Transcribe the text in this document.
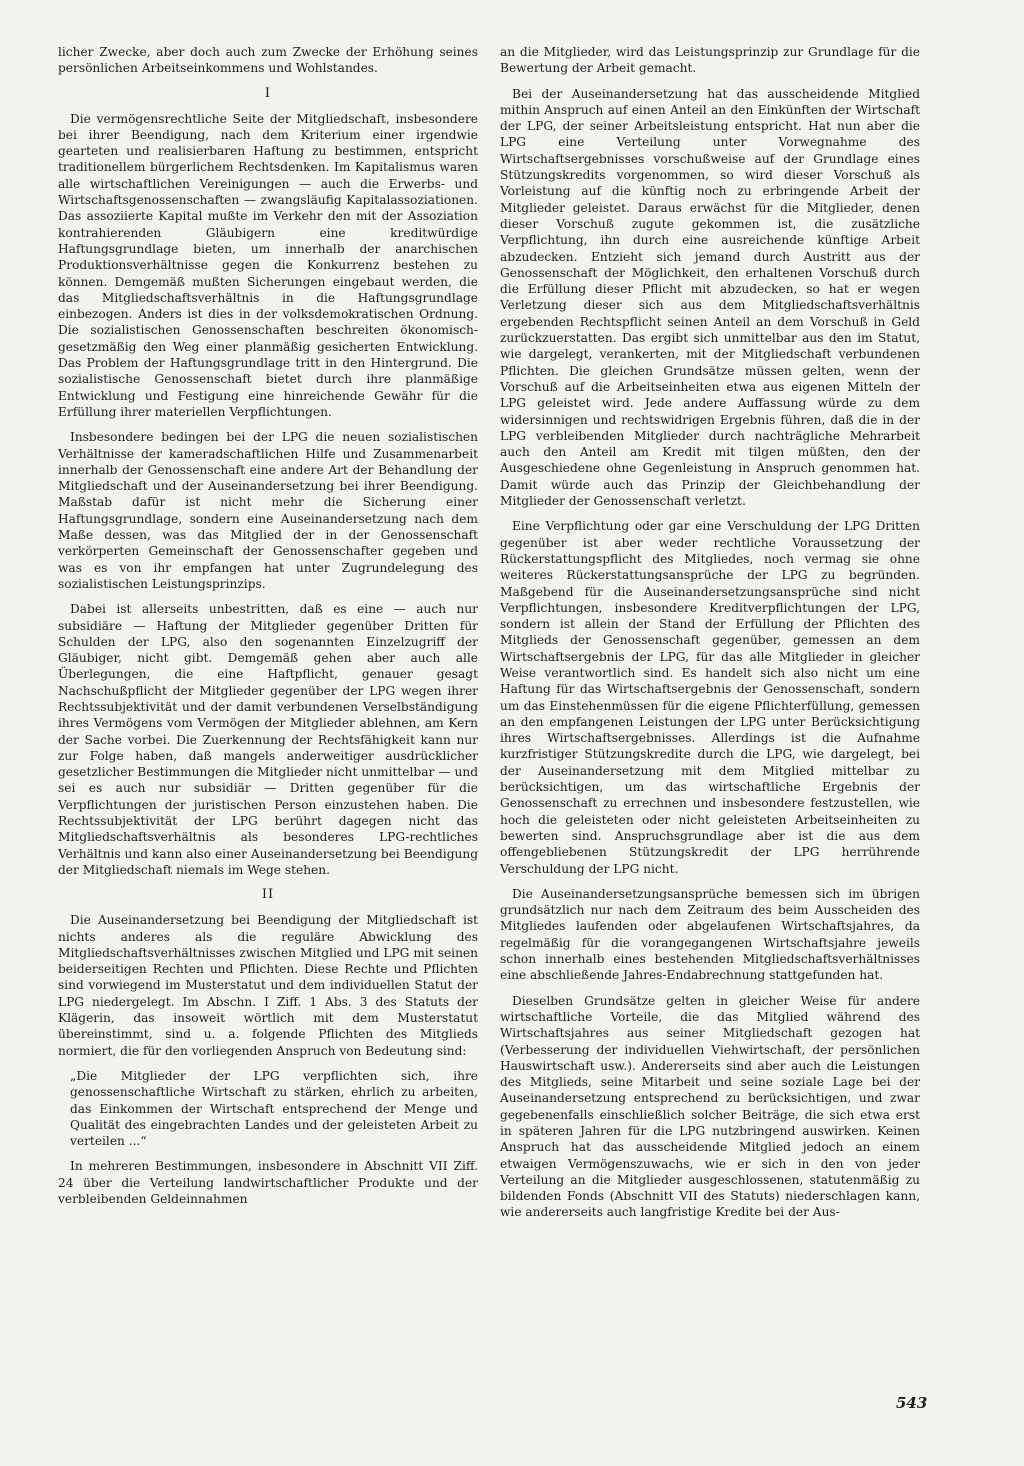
licher Zwecke, aber doch auch zum Zwecke der Erhöhung seines persönlichen Arbeitseinkommens und Wohlstandes.

I

Die vermögensrechtliche Seite der Mitgliedschaft, insbesondere bei ihrer Beendigung, nach dem Kriterium einer irgendwie gearteten und realisierbaren Haftung zu bestimmen, entspricht traditionellem bürgerlichem Rechtsdenken. Im Kapitalismus waren alle wirtschaftlichen Vereinigungen — auch die Erwerbs- und Wirtschaftsgenossenschaften — zwangsläufig Kapitalassoziationen. Das assoziierte Kapital mußte im Verkehr den mit der Assoziation kontrahierenden Gläubigern eine kreditwürdige Haftungsgrundlage bieten, um innerhalb der anarchischen Produktionsverhältnisse gegen die Konkurrenz bestehen zu können. Demgemäß mußten Sicherungen eingebaut werden, die das Mitgliedschaftsverhältnis in die Haftungsgrundlage einbezogen. Anders ist dies in der volksdemokratischen Ordnung. Die sozialistischen Genossenschaften beschreiten ökonomisch-gesetzmäßig den Weg einer planmäßig gesicherten Entwicklung. Das Problem der Haftungsgrundlage tritt in den Hintergrund. Die sozialistische Genossenschaft bietet durch ihre planmäßige Entwicklung und Festigung eine hinreichende Gewähr für die Erfüllung ihrer materiellen Verpflichtungen.

Insbesondere bedingen bei der LPG die neuen sozialistischen Verhältnisse der kameradschaftlichen Hilfe und Zusammenarbeit innerhalb der Genossenschaft eine andere Art der Behandlung der Mitgliedschaft und der Auseinandersetzung bei ihrer Beendigung. Maßstab dafür ist nicht mehr die Sicherung einer Haftungsgrundlage, sondern eine Auseinandersetzung nach dem Maße dessen, was das Mitglied der in der Genossenschaft verkörperten Gemeinschaft der Genossenschafter gegeben und was es von ihr empfangen hat unter Zugrundelegung des sozialistischen Leistungsprinzips.

Dabei ist allerseits unbestritten, daß es eine — auch nur subsidiäre — Haftung der Mitglieder gegenüber Dritten für Schulden der LPG, also den sogenannten Einzelzugriff der Gläubiger, nicht gibt. Demgemäß gehen aber auch alle Überlegungen, die eine Haftpflicht, genauer gesagt Nachschußpflicht der Mitglieder gegenüber der LPG wegen ihrer Rechtssubjektivität und der damit verbundenen Verselbständigung ihres Vermögens vom Vermögen der Mitglieder ablehnen, am Kern der Sache vorbei. Die Zuerkennung der Rechtsfähigkeit kann nur zur Folge haben, daß mangels anderweitiger ausdrücklicher gesetzlicher Bestimmungen die Mitglieder nicht unmittelbar — und sei es auch nur subsidiär — Dritten gegenüber für die Verpflichtungen der juristischen Person einzustehen haben. Die Rechtssubjektivität der LPG berührt dagegen nicht das Mitgliedschaftsverhältnis als besonderes LPG-rechtliches Verhältnis und kann also einer Auseinandersetzung bei Beendigung der Mitgliedschaft niemals im Wege stehen.

II

Die Auseinandersetzung bei Beendigung der Mitgliedschaft ist nichts anderes als die reguläre Abwicklung des Mitgliedschaftsverhältnisses zwischen Mitglied und LPG mit seinen beiderseitigen Rechten und Pflichten. Diese Rechte und Pflichten sind vorwiegend im Musterstatut und dem individuellen Statut der LPG niedergelegt. Im Abschn. I Ziff. 1 Abs. 3 des Statuts der Klägerin, das insoweit wörtlich mit dem Musterstatut übereinstimmt, sind u. a. folgende Pflichten des Mitglieds normiert, die für den vorliegenden Anspruch von Bedeutung sind:

„Die Mitglieder der LPG verpflichten sich, ihre genossenschaftliche Wirtschaft zu stärken, ehrlich zu arbeiten, das Einkommen der Wirtschaft entsprechend der Menge und Qualität des eingebrachten Landes und der geleisteten Arbeit zu verteilen ...“

In mehreren Bestimmungen, insbesondere in Abschnitt VII Ziff. 24 über die Verteilung landwirtschaftlicher Produkte und der verbleibenden Geldeinnahmen

an die Mitglieder, wird das Leistungsprinzip zur Grundlage für die Bewertung der Arbeit gemacht.

Bei der Auseinandersetzung hat das ausscheidende Mitglied mithin Anspruch auf einen Anteil an den Einkünften der Wirtschaft der LPG, der seiner Arbeitsleistung entspricht. Hat nun aber die LPG eine Verteilung unter Vorwegnahme des Wirtschaftsergebnisses vorschußweise auf der Grundlage eines Stützungskredits vorgenommen, so wird dieser Vorschuß als Vorleistung auf die künftig noch zu erbringende Arbeit der Mitglieder geleistet. Daraus erwächst für die Mitglieder, denen dieser Vorschuß zugute gekommen ist, die zusätzliche Verpflichtung, ihn durch eine ausreichende künftige Arbeit abzudecken. Entzieht sich jemand durch Austritt aus der Genossenschaft der Möglichkeit, den erhaltenen Vorschuß durch die Erfüllung dieser Pflicht mit abzudecken, so hat er wegen Verletzung dieser sich aus dem Mitgliedschaftsverhältnis ergebenden Rechtspflicht seinen Anteil an dem Vorschuß in Geld zurückzuerstatten. Das ergibt sich unmittelbar aus den im Statut, wie dargelegt, verankerten, mit der Mitgliedschaft verbundenen Pflichten. Die gleichen Grundsätze müssen gelten, wenn der Vorschuß auf die Arbeitseinheiten etwa aus eigenen Mitteln der LPG geleistet wird. Jede andere Auffassung würde zu dem widersinnigen und rechtswidrigen Ergebnis führen, daß die in der LPG verbleibenden Mitglieder durch nachträgliche Mehrarbeit auch den Anteil am Kredit mit tilgen müßten, den der Ausgeschiedene ohne Gegenleistung in Anspruch genommen hat. Damit würde auch das Prinzip der Gleichbehandlung der Mitglieder der Genossenschaft verletzt.

Eine Verpflichtung oder gar eine Verschuldung der LPG Dritten gegenüber ist aber weder rechtliche Voraussetzung der Rückerstattungspflicht des Mitgliedes, noch vermag sie ohne weiteres Rückerstattungsansprüche der LPG zu begründen. Maßgebend für die Auseinandersetzungsansprüche sind nicht Verpflichtungen, insbesondere Kreditverpflichtungen der LPG, sondern ist allein der Stand der Erfüllung der Pflichten des Mitglieds der Genossenschaft gegenüber, gemessen an dem Wirtschaftsergebnis der LPG, für das alle Mitglieder in gleicher Weise verantwortlich sind. Es handelt sich also nicht um eine Haftung für das Wirtschaftsergebnis der Genossenschaft, sondern um das Einstehenmüssen für die eigene Pflichterfüllung, gemessen an den empfangenen Leistungen der LPG unter Berücksichtigung ihres Wirtschaftsergebnisses. Allerdings ist die Aufnahme kurzfristiger Stützungskredite durch die LPG, wie dargelegt, bei der Auseinandersetzung mit dem Mitglied mittelbar zu berücksichtigen, um das wirtschaftliche Ergebnis der Genossenschaft zu errechnen und insbesondere festzustellen, wie hoch die geleisteten oder nicht geleisteten Arbeitseinheiten zu bewerten sind. Anspruchsgrundlage aber ist die aus dem offengebliebenen Stützungskredit der LPG herrührende Verschuldung der LPG nicht.

Die Auseinandersetzungsansprüche bemessen sich im übrigen grundsätzlich nur nach dem Zeitraum des beim Ausscheiden des Mitgliedes laufenden oder abgelaufenen Wirtschaftsjahres, da regelmäßig für die vorangegangenen Wirtschaftsjahre jeweils schon innerhalb eines bestehenden Mitgliedschaftsverhältnisses eine abschließende Jahres-Endabrechnung stattgefunden hat.

Dieselben Grundsätze gelten in gleicher Weise für andere wirtschaftliche Vorteile, die das Mitglied während des Wirtschaftsjahres aus seiner Mitgliedschaft gezogen hat (Verbesserung der individuellen Viehwirtschaft, der persönlichen Hauswirtschaft usw.). Andererseits sind aber auch die Leistungen des Mitglieds, seine Mitarbeit und seine soziale Lage bei der Auseinandersetzung entsprechend zu berücksichtigen, und zwar gegebenenfalls einschließlich solcher Beiträge, die sich etwa erst in späteren Jahren für die LPG nutzbringend auswirken. Keinen Anspruch hat das ausscheidende Mitglied jedoch an einem etwaigen Vermögenszuwachs, wie er sich in den von jeder Verteilung an die Mitglieder ausgeschlossenen, statutenmäßig zu bildenden Fonds (Abschnitt VII des Statuts) niederschlagen kann, wie andererseits auch langfristige Kredite bei der Aus-

543
